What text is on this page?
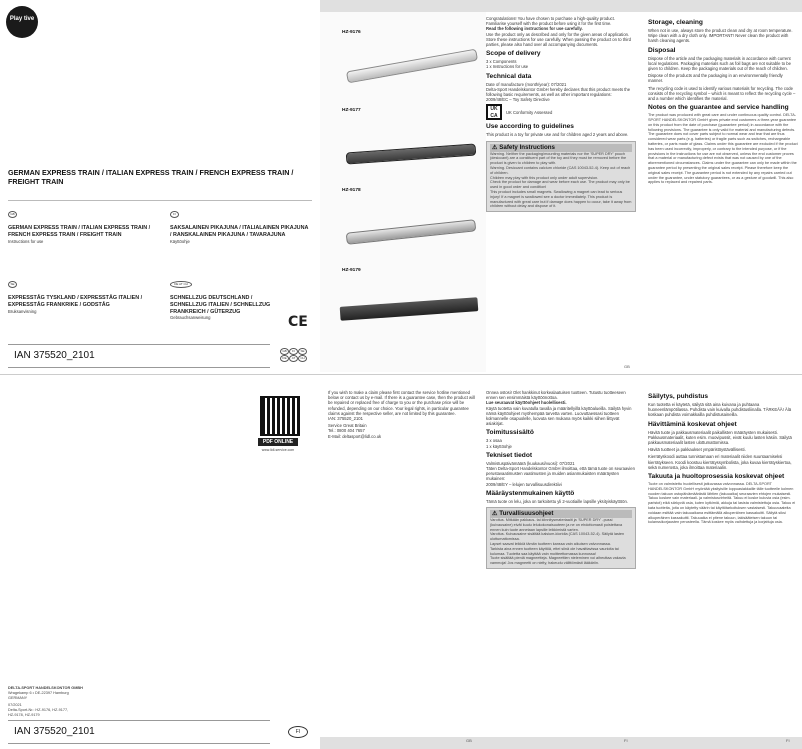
Play tive
GERMAN EXPRESS TRAIN / ITALIAN EXPRESS TRAIN / FRENCH EXPRESS TRAIN / FREIGHT TRAIN
GB
GERMAN EXPRESS TRAIN / ITALIAN EXPRESS TRAIN / FRENCH EXPRESS TRAIN / FREIGHT TRAIN
Instructions for use
FI
SAKSALAINEN PIKAJUNA / ITALIALAINEN PIKAJUNA / RANSKALAINEN PIKAJUNA / TAVARAJUNA
Käyttöohje
SE
EXPRESSTÅG TYSKLAND / EXPRESSTÅG ITALIEN / EXPRESSTÅG FRANKRIKE / GODSTÅG
Bruksanvisning
DE AT CH
SCHNELLZUG DEUTSCHLAND / SCHNELLZUG ITALIEN / SCHNELLZUG FRANKREICH / GÜTERZUG
Gebrauchsanweisung	CE
IAN 375520_2101	GB FI SE DE AT CH
HZ-9176
HZ-9177
HZ-9178
HZ-9179
Congratulations! You have chosen to purchase a high-quality product. Familiarise yourself with the product before using it for the first time.
Read the following instructions for use carefully.
Use the product only as described and only for the given areas of application. Store these instructions for use carefully. When passing the product on to third parties, please also hand over all accompanying documents.
Scope of delivery
3 x Components
1 x Instructions for use
Technical data
Date of manufacture (month/year): 07/2021
Delta-Sport Handelskontor GmbH hereby declares that this product meets the following basic requirements, as well as other important regulations:
2009/48/EC – Toy Safety Directive
UK
CA
UK Conformity Assessed
Use according to guidelines
This product is a toy for private use and for children aged 2 years and above.
⚠ Safety Instructions
Warning. Neither the packaging/mounting materials nor the 'SUPER DRY' pouch (desiccant) are a constituent part of the toy and they must be removed before the product is given to children to play with.
Warning. Desiccant contains calcium chloride (CAS 10043-52-4). Keep out of reach of children.
Children may play with this product only under adult supervision.
Check the product for damage and wear before each use. The product may only be used in good order and condition!
This product includes small magnets. Swallowing a magnet can lead to serious injury! If a magnet is swallowed see a doctor immediately. This product is manufactured with great care but if damage does happen to occur, take it away from children without delay and dispose of it.
Storage, cleaning
When not in use, always store the product clean and dry at room temperature. Wipe clean with a dry cloth only. IMPORTANT! Never clean the product with harsh cleaning agents.
Disposal
Dispose of the article and the packaging materials in accordance with current local regulations. Packaging materials such as foil bags are not suitable to be given to children. Keep the packaging materials out of the reach of children.
Dispose of the products and the packaging in an environmentally friendly manner.
The recycling code is used to identify various materials for recycling. The code consists of the recycling symbol – which is meant to reflect the recycling cycle – and a number which identifies the material.
Notes on the guarantee and service handling
The product was produced with great care and under continuous quality control. DELTA-SPORT HANDELSKONTOR GmbH gives private end customers a three-year guarantee on this product from the date of purchase (guarantee period) in accordance with the following provisions. The guarantee is only valid for material and manufacturing defects. The guarantee does not cover parts subject to normal wear and tear that are thus considered wear parts (e.g. batteries) or fragile parts such as switches, rechargeable batteries, or parts made of glass. Claims under this guarantee are excluded if the product has been used incorrectly, improperly, or contrary to the intended purpose, or if the provisions in the instructions for use are not observed, unless the end customer proves that a material or manufacturing defect exists that was not caused by one of the aforementioned circumstances. Claims under the guarantee can only be made within the guarantee period by presenting the original sales receipt. Please therefore keep the original sales receipt. The guarantee period is not extended by any repairs carried out under the guarantee, under statutory guarantees, or as a gesture of goodwill. This also applies to replaced and repaired parts.
GB
PDF ONLINE
www.lidl-service.com
DELTA-SPORT HANDELSKONTOR GMBH
Wragekamp 6 • DE-22397 Hamburg
GERMANY
07/2021
Delta-Sport-Nr.: HZ-9176, HZ-9177,
HZ-9178, HZ-9179
IAN 375520_2101	FI
If you wish to make a claim please first contact the service hotline mentioned below or contact us by e-mail. If there is a guarantee case, then the product will be repaired or replaced free of charge to you or the purchase price will be refunded, depending on our choice. Your legal rights, in particular guarantee claims against the respective seller, are not limited by this guarantee.
IAN: 375520_2101
Service Great Britain
Tel.: 0800 404 7657
E-Mail: deltasport@lidl.co.uk
GB
Onnea ostosi! Olet hankkinut korkealaatuisen tuotteen. Tutustu tuotteeseen ennen sen ensimmäistä käyttöönottoa.
Lue seuraavat käyttöohjeet huolellisesti.
Käytä tuotetta vain kuvatulla tavalla ja määritellyillä käyttöalueilla. Säilytä hyvin nämä käyttöohjeet myöhempää tarvetta varten. Luovuttaessasi tuotteen kolmannelle osapuolelle, luovuta sen mukana myös kaikki siihen liittyvät asiakirjat.
Toimitussisältö
3 x osaa
1 x käyttöohje
Tekniset tiedot
Valmistuspäivämäärä (kuukausi/vuosi): 07/2021
Täten Delta-Sport Handelskontor GmbH ilmoittaa, että tämä tuote on seuraavien perustavaatimusten vaatimusten ja muiden asianmukaisten määräysten mukainen:
2009/48/EY – lelujen turvallisuusdirektiivi
Määräystenmukainen käyttö
Tämä tuote on lelu, joka on tarkoitettu yli 2-vuotiaille lapsille yksityiskäyttöön.
⚠ Turvallisuusohjeet
Varoitus. Mitkään pakkaus- tai kiinnitysmateriaalit ja 'SUPER DRY' -pussi (kuivausaine) eivät kuulu lelukokonaisuuteen ja ne on ehdottomasti poistettava ennen kuin tuote annetaan lapsille leikkimistä varten.
Varoitus. Kuivausaine sisältää kalsium-kloridia (CAS 10043-52-4). Säilytä lasten ulottumattomissa.
Lapset saavat leikkiä tämän tuotteen kanssa vain aikuisen valvonnassa.
Tarkista aina ennen tuotteen käyttöä, ettei siinä ole havaittavissa vaurioita tai kulumaa. Tuotetta saa käyttää vain moitteettomassa kunnossa!
Tuote sisältää pieniä magneetteja. Magneettien nieleminen voi aiheuttaa vakavia vammoja! Jos magneetti on nielty, hakeudu välittömästi lääkäriin.
Säilytys, puhdistus
Kun tuotetta ei käytetä, säilytä sitä aina kuivana ja puhtaana huoneenlämpötilassa. Puhdista vain kuivalla puhdistusliinalla. TÄRKEÄÄ! Älä koskaan puhdista voimakkailla puhdistusaineilla.
Hävittäminä koskevat ohjeet
Hävitä tuote ja pakkausmateriaalit paikallisten määräysten mukaisesti. Pakkausmateriaalit, kuten esim. muovipussit, eivät kuulu lasten käsiin. Säilytä pakkausmateriaalit lasten ulottumattomissa.
Hävitä tuotteet ja pakkaukset ympäristöystävällisesti.
Kierrätyskoodi auttaa tunnistamaan eri materiaalit niiden suuntaamiseksi kierrätykseen. Koodi koostuu kierrätyssymbolista, joka kuvaa kierrätyskiertoa, sekä numerosta, joka ilmoittaa materiaalin.
Takuuta ja huoltoprosessia koskevat ohjeet
Tuote on valmistettu huolellisesti jatkuvassa valvonnassa. DELTA-SPORT HANDELSKONTOR GmbH myöntää yksityisille loppuasiakkaille tälle tuotteelle kolmen vuoden takuun ostopäivämäärästä lähtien (takuuaika) seuraavien ehtojen mukaisesti. Takuu koskee vain materiaali- ja valmistusvirheitä. Takuu ei koske kuluvia osia (esim. paristot) eikä särkyviä osia, kuten kytkimiä, akkuja tai lasista valmistettuja osia. Takuu ei kata tuotteita, joita on käytetty väärin tai käyttötarkoituksen vastaisesti. Takuuvaateita voidaan esittää vain takuuaikana esittämällä alkuperäinen kassakuitti. Säilytä siksi alkuperäinen kassakuitti. Takuuaika ei pitene takuun, lakisääteisen takuun tai kulanssikorjausten perusteella. Tämä koskee myös vaihdettuja ja korjattuja osia.
FI	FI
